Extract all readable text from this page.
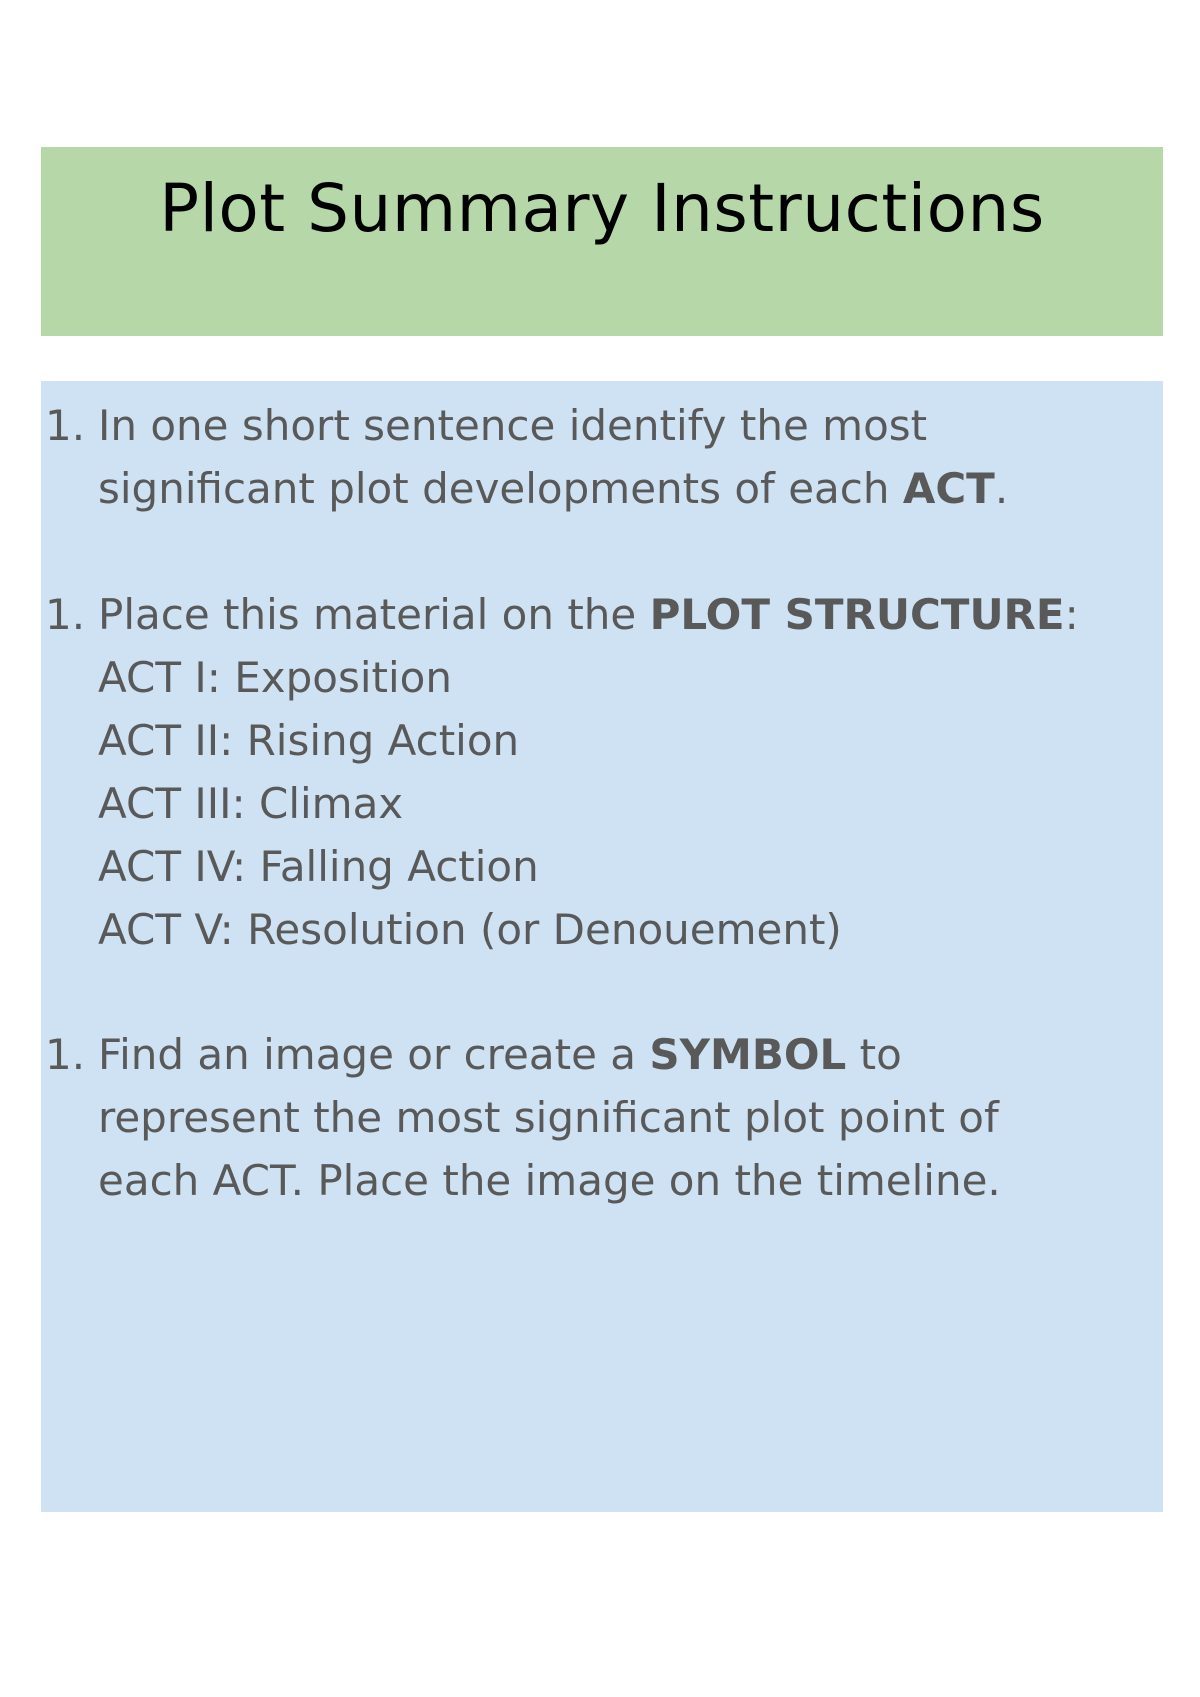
Plot Summary Instructions
1. In one short sentence identify the most
significant plot developments of each ACT.
1. Place this material on the PLOT STRUCTURE:
ACT I: Exposition
ACT II: Rising Action
ACT III: Climax
ACT IV: Falling Action
ACT V: Resolution (or Denouement)
1. Find an image or create a SYMBOL to
represent the most significant plot point of
each ACT. Place the image on the timeline.
